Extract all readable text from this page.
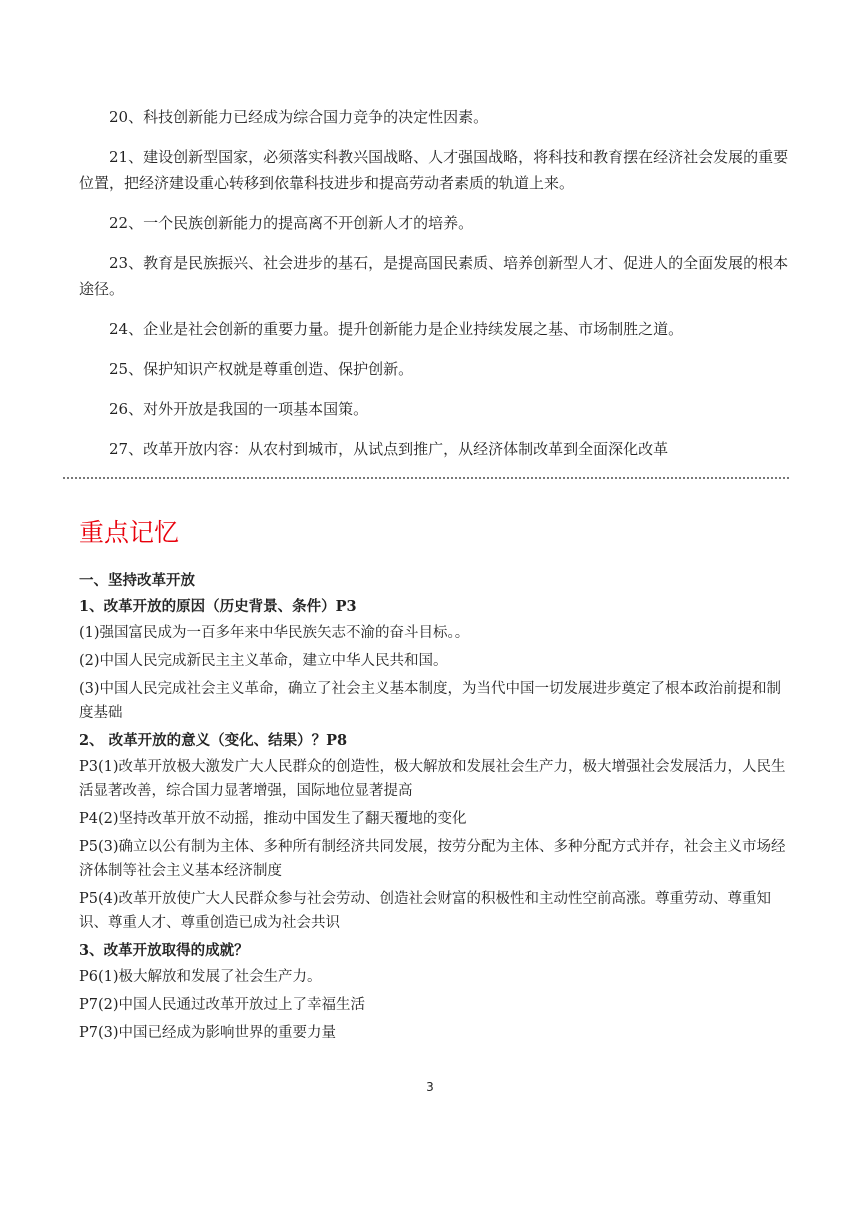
20、科技创新能力已经成为综合国力竞争的决定性因素。

21、建设创新型国家，必须落实科教兴国战略、人才强国战略，将科技和教育摆在经济社会发展的重要位置，把经济建设重心转移到依靠科技进步和提高劳动者素质的轨道上来。

22、一个民族创新能力的提高离不开创新人才的培养。

23、教育是民族振兴、社会进步的基石，是提高国民素质、培养创新型人才、促进人的全面发展的根本途径。

24、企业是社会创新的重要力量。提升创新能力是企业持续发展之基、市场制胜之道。

25、保护知识产权就是尊重创造、保护创新。

26、对外开放是我国的一项基本国策。

27、改革开放内容：从农村到城市，从试点到推广，从经济体制改革到全面深化改革

重点记忆

一、坚持改革开放

1、改革开放的原因（历史背景、条件）P3

(1)强国富民成为一百多年来中华民族矢志不渝的奋斗目标。。

(2)中国人民完成新民主主义革命，建立中华人民共和国。

(3)中国人民完成社会主义革命，确立了社会主义基本制度，为当代中国一切发展进步奠定了根本政治前提和制度基础

2、 改革开放的意义（变化、结果）？P8

P3(1)改革开放极大激发广大人民群众的创造性，极大解放和发展社会生产力，极大增强社会发展活力，人民生活显著改善，综合国力显著增强，国际地位显著提高

P4(2)坚持改革开放不动摇，推动中国发生了翻天覆地的变化

P5(3)确立以公有制为主体、多种所有制经济共同发展，按劳分配为主体、多种分配方式并存，社会主义市场经济体制等社会主义基本经济制度

P5(4)改革开放使广大人民群众参与社会劳动、创造社会财富的积极性和主动性空前高涨。尊重劳动、尊重知识、尊重人才、尊重创造已成为社会共识

3、改革开放取得的成就？

P6(1)极大解放和发展了社会生产力。

P7(2)中国人民通过改革开放过上了幸福生活

P7(3)中国已经成为影响世界的重要力量

3
